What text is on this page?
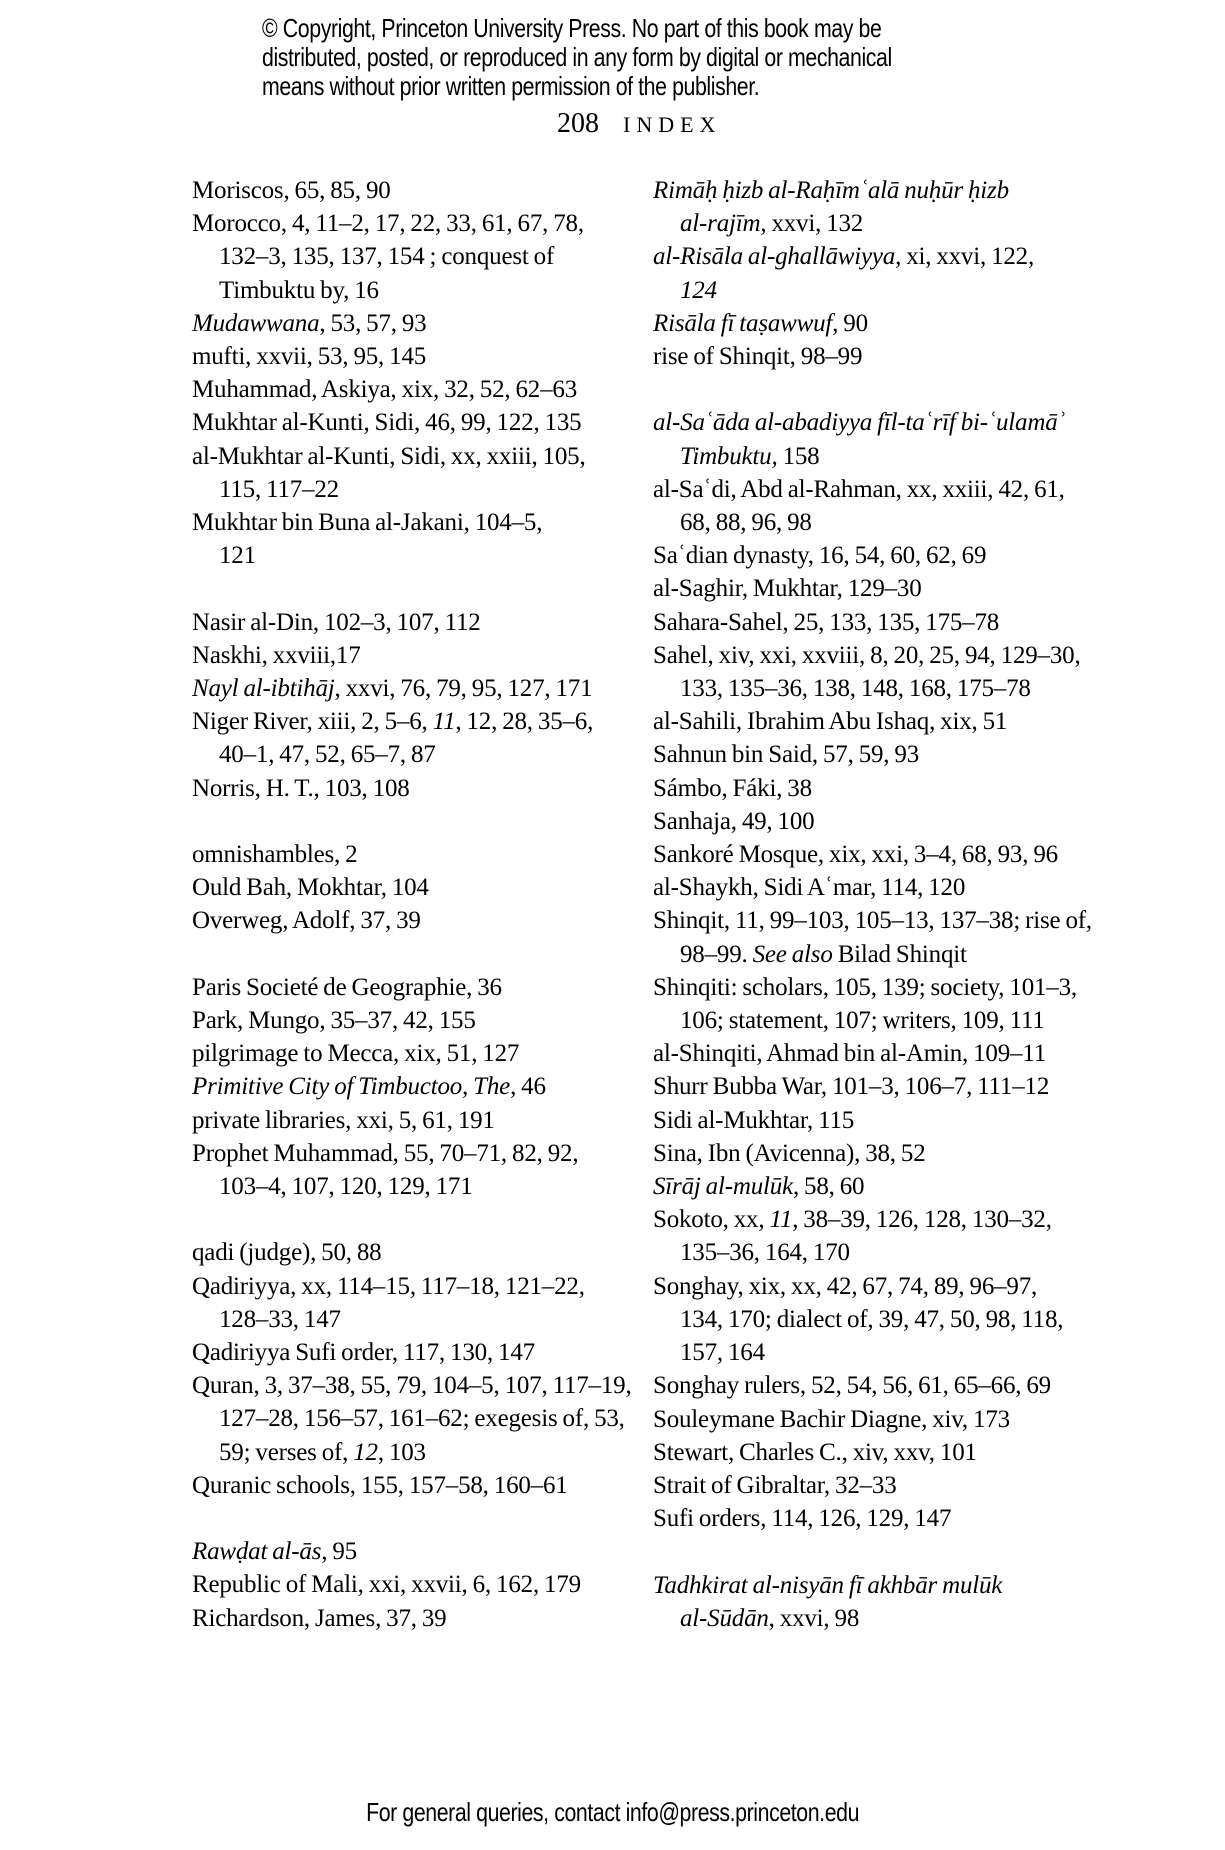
© Copyright, Princeton University Press. No part of this book may be
distributed, posted, or reproduced in any form by digital or mechanical
means without prior written permission of the publisher.
208 INDEX
Moriscos, 65, 85, 90
Morocco, 4, 11–2, 17, 22, 33, 61, 67, 78,
132–3, 135, 137, 154 ; conquest of
Timbuktu by, 16
Mudawwana, 53, 57, 93
mufti, xxvii, 53, 95, 145
Muhammad, Askiya, xix, 32, 52, 62–63
Mukhtar al-Kunti, Sidi, 46, 99, 122, 135
al-Mukhtar al-Kunti, Sidi, xx, xxiii, 105,
115, 117–22
Mukhtar bin Buna al-Jakani, 104–5,
121
Nasir al-Din, 102–3, 107, 112
Naskhi, xxviii,17
Nayl al-ibtihāj, xxvi, 76, 79, 95, 127, 171
Niger River, xiii, 2, 5–6, 11, 12, 28, 35–6,
40–1, 47, 52, 65–7, 87
Norris, H. T., 103, 108
omnishambles, 2
Ould Bah, Mokhtar, 104
Overweg, Adolf, 37, 39
Paris Societé de Geographie, 36
Park, Mungo, 35–37, 42, 155
pilgrimage to Mecca, xix, 51, 127
Primitive City of Timbuctoo, The, 46
private libraries, xxi, 5, 61, 191
Prophet Muhammad, 55, 70–71, 82, 92,
103–4, 107, 120, 129, 171
qadi (judge), 50, 88
Qadiriyya, xx, 114–15, 117–18, 121–22,
128–33, 147
Qadiriyya Sufi order, 117, 130, 147
Quran, 3, 37–38, 55, 79, 104–5, 107, 117–19,
127–28, 156–57, 161–62; exegesis of, 53,
59; verses of, 12, 103
Quranic schools, 155, 157–58, 160–61
Rawḍat al-ās, 95
Republic of Mali, xxi, xxvii, 6, 162, 179
Richardson, James, 37, 39
Rimāḥ ḥizb al-Raḥīmʿalā nuḥūr ḥizb
al-rajīm, xxvi, 132
al-Risāla al-ghallāwiyya, xi, xxvi, 122,
124
Risāla fī taṣawwuf, 90
rise of Shinqit, 98–99
al-Saʿāda al-abadiyya fīl-taʿrīf bi-ʿulamāʾ
Timbuktu, 158
al-Saʿdi, Abd al-Rahman, xx, xxiii, 42, 61,
68, 88, 96, 98
Saʿdian dynasty, 16, 54, 60, 62, 69
al-Saghir, Mukhtar, 129–30
Sahara-Sahel, 25, 133, 135, 175–78
Sahel, xiv, xxi, xxviii, 8, 20, 25, 94, 129–30,
133, 135–36, 138, 148, 168, 175–78
al-Sahili, Ibrahim Abu Ishaq, xix, 51
Sahnun bin Said, 57, 59, 93
Sámbo, Fáki, 38
Sanhaja, 49, 100
Sankoré Mosque, xix, xxi, 3–4, 68, 93, 96
al-Shaykh, Sidi Aʿmar, 114, 120
Shinqit, 11, 99–103, 105–13, 137–38; rise of,
98–99. See also Bilad Shinqit
Shinqiti: scholars, 105, 139; society, 101–3,
106; statement, 107; writers, 109, 111
al-Shinqiti, Ahmad bin al-Amin, 109–11
Shurr Bubba War, 101–3, 106–7, 111–12
Sidi al-Mukhtar, 115
Sina, Ibn (Avicenna), 38, 52
Sīrāj al-mulūk, 58, 60
Sokoto, xx, 11, 38–39, 126, 128, 130–32,
135–36, 164, 170
Songhay, xix, xx, 42, 67, 74, 89, 96–97,
134, 170; dialect of, 39, 47, 50, 98, 118,
157, 164
Songhay rulers, 52, 54, 56, 61, 65–66, 69
Souleymane Bachir Diagne, xiv, 173
Stewart, Charles C., xiv, xxv, 101
Strait of Gibraltar, 32–33
Sufi orders, 114, 126, 129, 147
Tadhkirat al-nisyān fī akhbār mulūk
al-Sūdān, xxvi, 98
For general queries, contact info@press.princeton.edu
